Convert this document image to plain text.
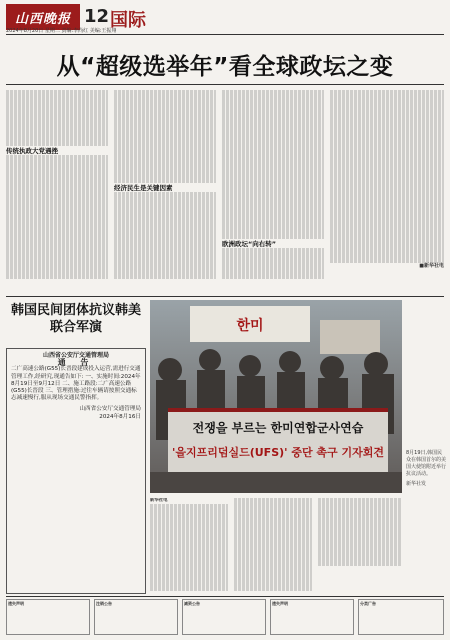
山西晚报 12 国际
2024年8月20日 星期二 责编:李尚红 美编:王振翔
从“超级选举年”看全球政坛之变
传统执政大党遇挫
经济民生是关键因素
欧洲政坛“向右转”
■新华社电
韩国民间团体抗议韩美联合军演
山西省公安厅交通管理局
通 告
二广高速公路(G55)长晋段建成投入运营,需进行交通管理工作,经研究,现通告如下: 一、实施时间:2024年8月19日至9月12日 二、施工路段:二广高速公路(G55)长晋段 三、管理措施:过往车辆请按照交通标志减速慢行,服从现场交通民警指挥。
山西省公安厅交通管理局
2024年8月16日
전쟁을 부르는 한미연합군사연습
'을지프리덤실드(UFS)' 중단 촉구 기자회견
한미
8月19日,韩国民众在韩国首尔的美国大使馆附近举行抗议活动。
新华社发
新华社电
遗失声明	注销公告	减资公告	遗失声明	分类广告
